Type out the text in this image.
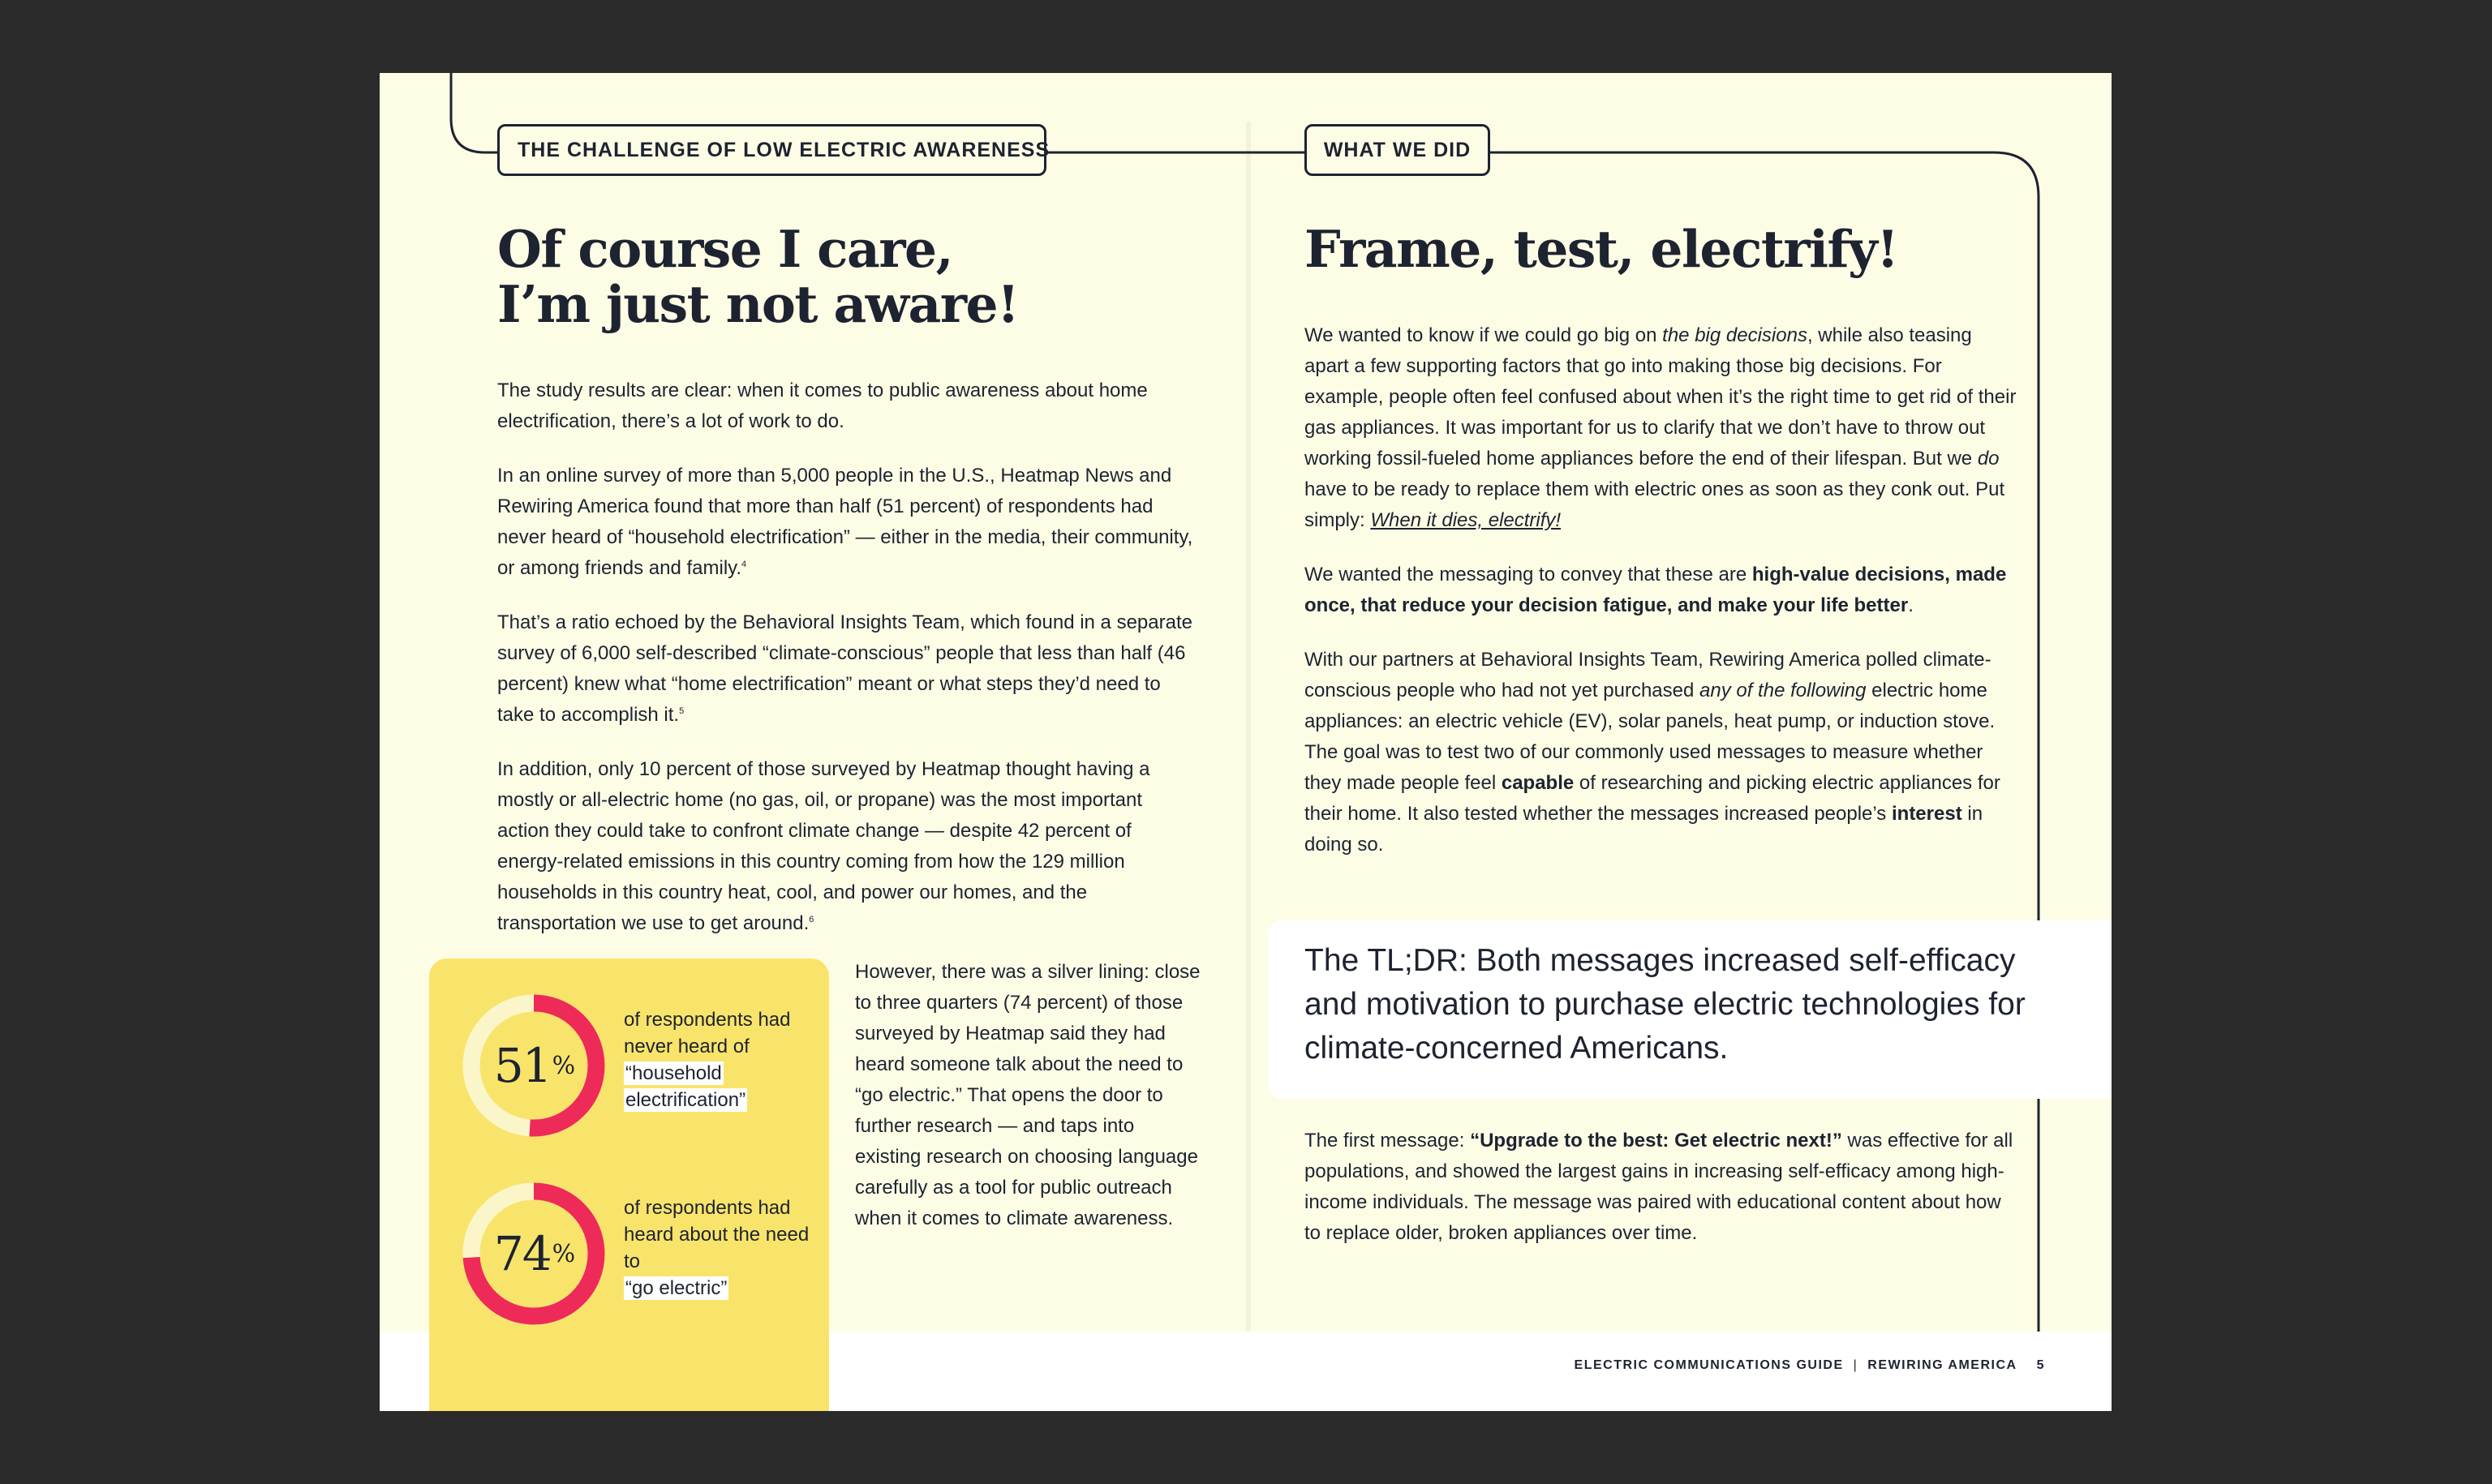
THE CHALLENGE OF LOW ELECTRIC AWARENESS	WHAT WE DID
Of course I care,
I’m just not aware!

The study results are clear: when it comes to public awareness about home electrification, there’s a lot of work to do.

In an online survey of more than 5,000 people in the U.S., Heatmap News and Rewiring America found that more than half (51 percent) of respondents had never heard of “household electrification” — either in the media, their community, or among friends and family.$^4$

That’s a ratio echoed by the Behavioral Insights Team, which found in a separate survey of 6,000 self-described “climate-conscious” people that less than half (46 percent) knew what “home electrification” meant or what steps they’d need to take to accomplish it.$^5$

In addition, only 10 percent of those surveyed by Heatmap thought having a mostly or all-electric home (no gas, oil, or propane) was the most important action they could take to confront climate change — despite 42 percent of energy-related emissions in this country coming from how the 129 million households in this country heat, cool, and power our homes, and the transportation we use to get around.$^6$

51 %
of respondents had never heard of
“household
electrification”
74 %
of respondents had heard about the need to
“go electric”
However, there was a silver lining: close to three quarters (74 percent) of those surveyed by Heatmap said they had heard someone talk about the need to “go electric.” That opens the door to further research — and taps into existing research on choosing language carefully as a tool for public outreach when it comes to climate awareness.
Frame, test, electrify!

We wanted to know if we could go big on the big decisions, while also teasing apart a few supporting factors that go into making those big decisions. For example, people often feel confused about when it’s the right time to get rid of their gas appliances. It was important for us to clarify that we don’t have to throw out working fossil-fueled home appliances before the end of their lifespan. But we do have to be ready to replace them with electric ones as soon as they conk out. Put simply: When it dies, electrify!

We wanted the messaging to convey that these are high-value decisions, made once, that reduce your decision fatigue, and make your life better.

With our partners at Behavioral Insights Team, Rewiring America polled climate-conscious people who had not yet purchased any of the following electric home appliances: an electric vehicle (EV), solar panels, heat pump, or induction stove. The goal was to test two of our commonly used messages to measure whether they made people feel capable of researching and picking electric appliances for their home. It also tested whether the messages increased people’s interest in doing so.

The TL;DR: Both messages increased self-efficacy and motivation to purchase electric technologies for climate-concerned Americans.
The first message: “Upgrade to the best: Get electric next!” was effective for all populations, and showed the largest gains in increasing self-efficacy among high-income individuals. The message was paired with educational content about how to replace older, broken appliances over time.
ELECTRIC COMMUNICATIONS GUIDE | REWIRING AMERICA 5
